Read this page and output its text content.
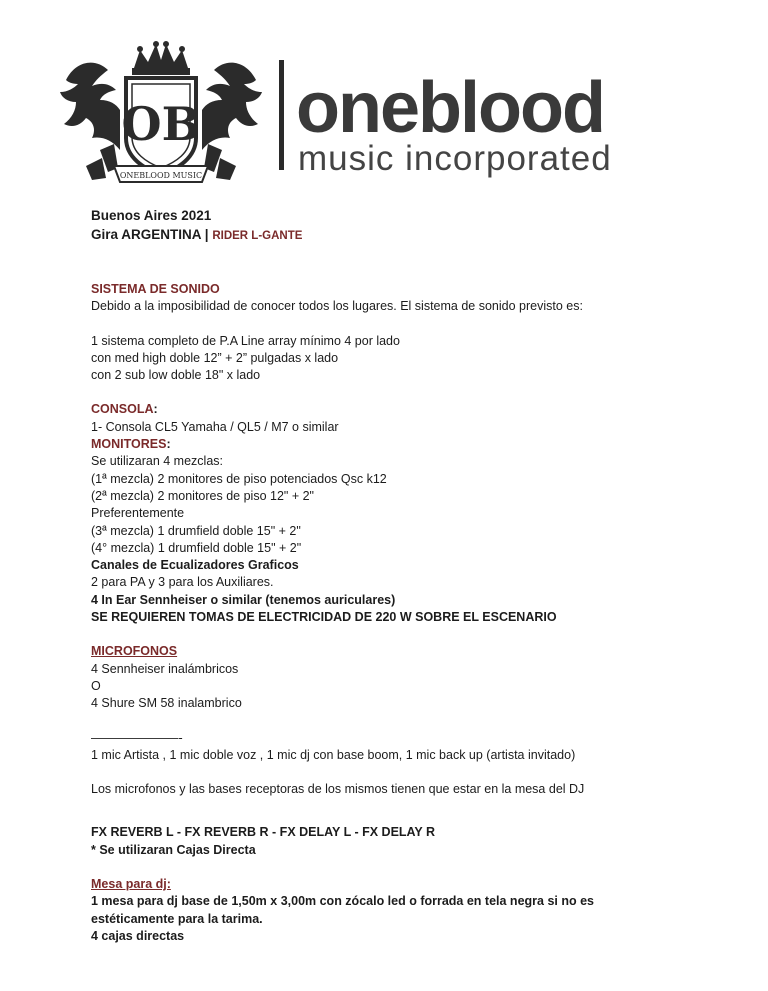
OB
ONEBLOOD MUSIC
oneblood
music incorporated

Buenos Aires 2021

Gira ARGENTINA | RIDER L-GANTE

SISTEMA DE SONIDO

Debido a la imposibilidad de conocer todos los lugares. El sistema de sonido previsto es:

1 sistema completo de P.A Line array mínimo 4 por lado

con med high doble 12” + 2” pulgadas x lado

con 2 sub low doble 18" x lado

CONSOLA:

1- Consola CL5 Yamaha / QL5 / M7 o similar

MONITORES:

Se utilizaran 4 mezclas:

(1ª mezcla) 2 monitores de piso potenciados Qsc k12

(2ª mezcla) 2 monitores de piso 12" + 2"

Preferentemente

(3ª mezcla) 1 drumfield doble 15" + 2"

(4° mezcla) 1 drumfield doble 15" + 2"

Canales de Ecualizadores Graficos

2 para PA y 3 para los Auxiliares.

4 In Ear Sennheiser o similar (tenemos auriculares)

SE REQUIEREN TOMAS DE ELECTRICIDAD DE 220 W SOBRE EL ESCENARIO

MICROFONOS

4 Sennheiser inalámbricos

O

4 Shure SM 58 inalambrico

———————-

1 mic Artista , 1 mic doble voz , 1 mic dj con base boom, 1 mic back up (artista invitado)

Los microfonos y las bases receptoras de los mismos tienen que estar en la mesa del DJ

FX REVERB L - FX REVERB R - FX DELAY L - FX DELAY R

* Se utilizaran Cajas Directa

Mesa para dj:

1 mesa para dj base de 1,50m x 3,00m con zócalo led o forrada en tela negra si no es

estéticamente para la tarima.

4 cajas directas
